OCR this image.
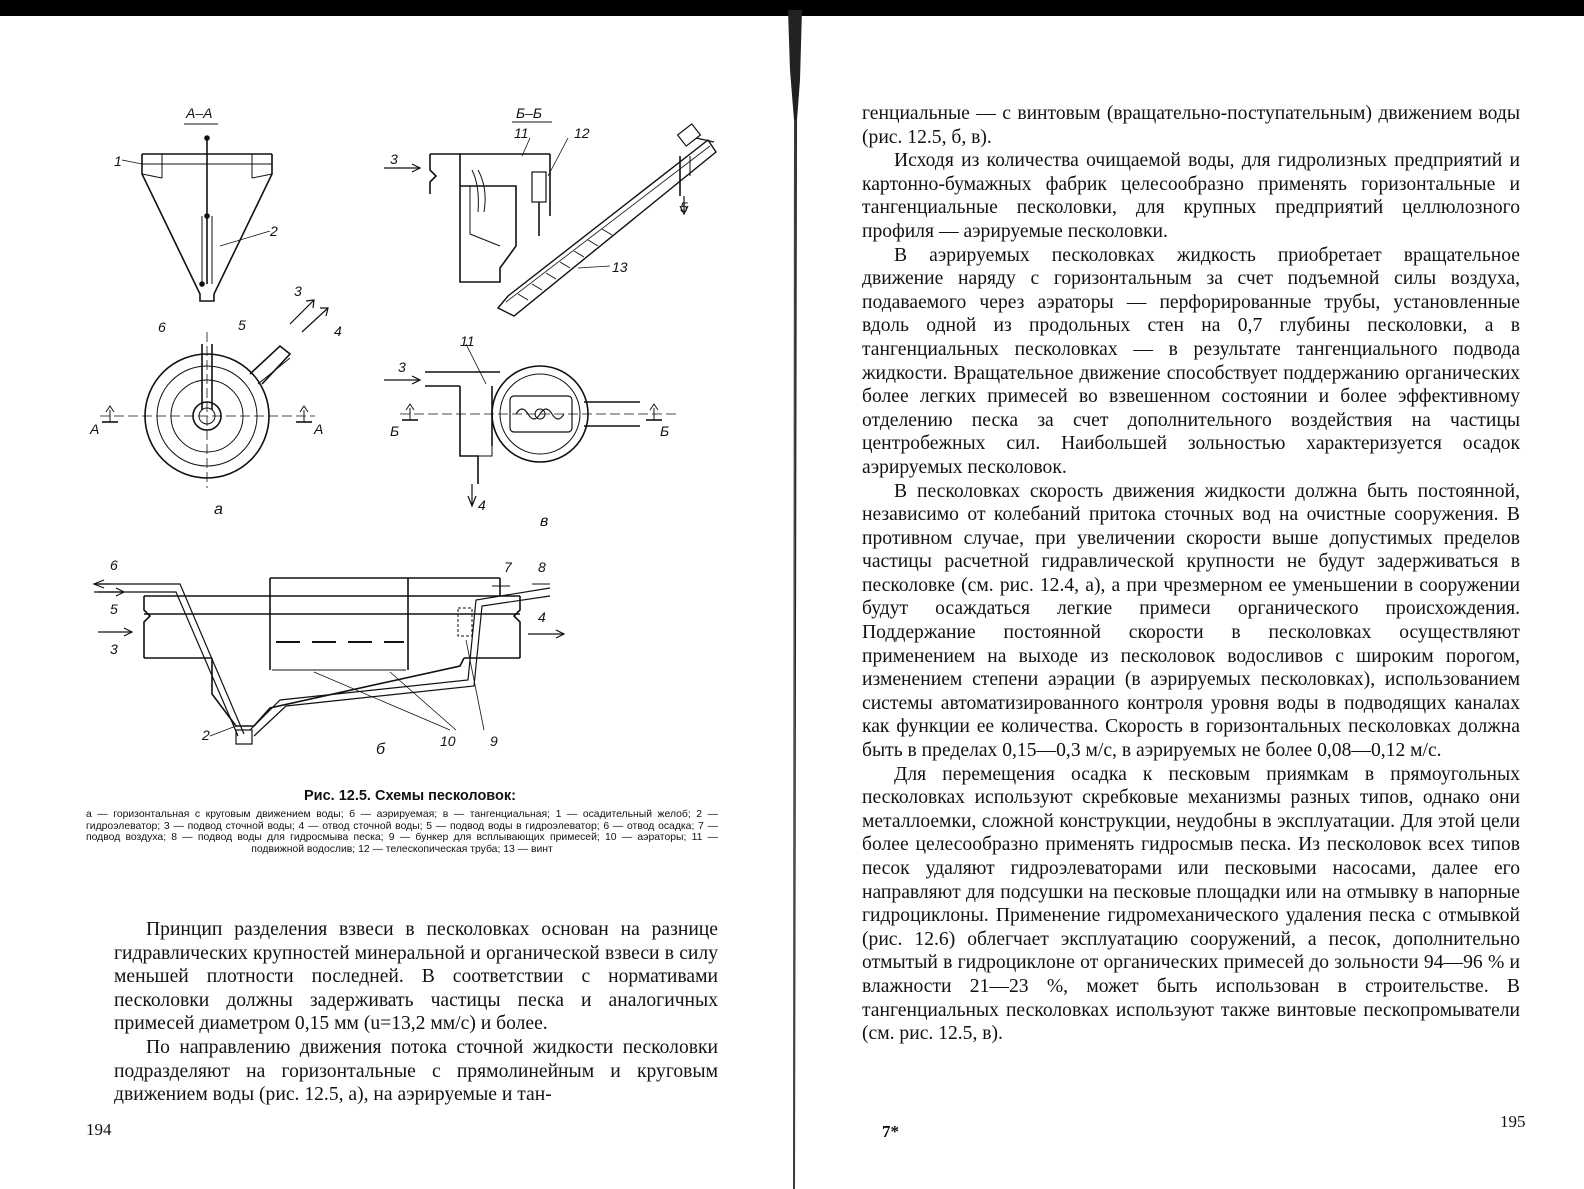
А–А	Б–Б
1
2
6	5
3
4
А	А
а
11	12
3
5
13
11
3
Б	Б
4
в
6
5
3
7 8
4
2	10 9
б
Рис. 12.5. Схемы песколовок:
а — горизонтальная с круговым движением воды; б — аэрируемая; в — тангенциальная; 1 — осадительный желоб; 2 — гидроэлеватор; 3 — подвод сточной воды; 4 — отвод сточной воды; 5 — подвод воды в гидроэлеватор; 6 — отвод осадка; 7 — подвод воздуха; 8 — подвод воды для гидросмыва песка; 9 — бункер для всплывающих примесей; 10 — аэраторы; 11 — подвижной водослив; 12 — телескопическая труба; 13 — винт

Принцип разделения взвеси в песколовках основан на разнице гидравлических крупностей минеральной и органической взвеси в силу меньшей плотности последней. В соответствии с нормативами песколовки должны задерживать частицы песка и аналогичных примесей диаметром 0,15 мм (u=13,2 мм/с) и более.

По направлению движения потока сточной жидкости песколовки подразделяют на горизонтальные с прямолинейным и круговым движением воды (рис. 12.5, а), на аэрируемые и тан-

194

генциальные — с винтовым (вращательно-поступательным) движением воды (рис. 12.5, б, в).

Исходя из количества очищаемой воды, для гидролизных предприятий и картонно-бумажных фабрик целесообразно применять горизонтальные и тангенциальные песколовки, для крупных предприятий целлюлозного профиля — аэрируемые песколовки.

В аэрируемых песколовках жидкость приобретает вращательное движение наряду с горизонтальным за счет подъемной силы воздуха, подаваемого через аэраторы — перфорированные трубы, установленные вдоль одной из продольных стен на 0,7 глубины песколовки, а в тангенциальных песколовках — в результате тангенциального подвода жидкости. Вращательное движение способствует поддержанию органических более легких примесей во взвешенном состоянии и более эффективному отделению песка за счет дополнительного воздействия на частицы центробежных сил. Наибольшей зольностью характеризуется осадок аэрируемых песколовок.

В песколовках скорость движения жидкости должна быть постоянной, независимо от колебаний притока сточных вод на очистные сооружения. В противном случае, при увеличении скорости выше допустимых пределов частицы расчетной гидравлической крупности не будут задерживаться в песколовке (см. рис. 12.4, а), а при чрезмерном ее уменьшении в сооружении будут осаждаться легкие примеси органического происхождения. Поддержание постоянной скорости в песколовках осуществляют применением на выходе из песколовок водосливов с широким порогом, изменением степени аэрации (в аэрируемых песколовках), использованием системы автоматизированного контроля уровня воды в подводящих каналах как функции ее количества. Скорость в горизонтальных песколовках должна быть в пределах 0,15—0,3 м/с, в аэрируемых не более 0,08—0,12 м/с.

Для перемещения осадка к песковым приямкам в прямоугольных песколовках используют скребковые механизмы разных типов, однако они металлоемки, сложной конструкции, неудобны в эксплуатации. Для этой цели более целесообразно применять гидросмыв песка. Из песколовок всех типов песок удаляют гидроэлеваторами или песковыми насосами, далее его направляют для подсушки на песковые площадки или на отмывку в напорные гидроциклоны. Применение гидромеханического удаления песка с отмывкой (рис. 12.6) облегчает эксплуатацию сооружений, а песок, дополнительно отмытый в гидроциклоне от органических примесей до зольности 94—96 % и влажности 21—23 %, может быть использован в строительстве. В тангенциальных песколовках используют также винтовые пескопромыватели (см. рис. 12.5, в).

7*
195
